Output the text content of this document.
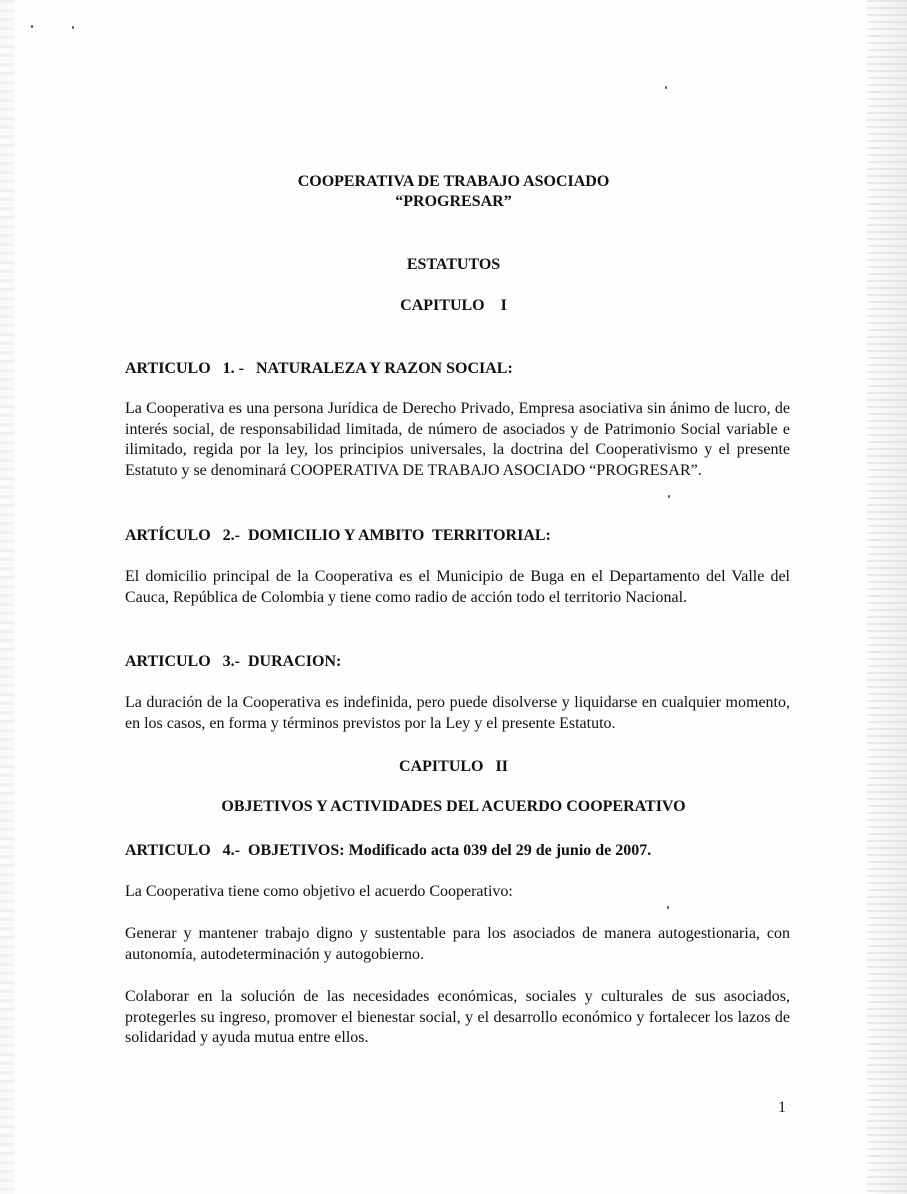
COOPERATIVA DE TRABAJO ASOCIADO
“PROGRESAR”
ESTATUTOS
CAPITULO    I
ARTICULO   1. -   NATURALEZA Y RAZON SOCIAL:
La Cooperativa es una persona Jurídica de Derecho Privado, Empresa asociativa sin ánimo de lucro, de interés social, de responsabilidad limitada, de número de asociados y de Patrimonio Social variable e ilimitado, regida por la ley, los principios universales, la doctrina del Cooperativismo y el presente Estatuto y se denominará COOPERATIVA DE TRABAJO ASOCIADO “PROGRESAR”.
ARTÍCULO   2.-  DOMICILIO Y AMBITO  TERRITORIAL:
El domicilio principal de la Cooperativa es el Municipio de Buga en el Departamento del Valle del Cauca, República de Colombia y tiene como radio de acción todo el territorio Nacional.
ARTICULO   3.-  DURACION:
La duración de la Cooperativa es indefinida, pero puede disolverse y liquidarse en cualquier momento, en los casos, en forma y términos previstos por la Ley y el presente Estatuto.
CAPITULO   II
OBJETIVOS Y ACTIVIDADES DEL ACUERDO COOPERATIVO
ARTICULO   4.-  OBJETIVOS: Modificado acta 039 del 29 de junio de 2007.
La Cooperativa tiene como objetivo el acuerdo Cooperativo:
Generar y mantener trabajo digno y sustentable para los asociados de manera autogestionaria, con autonomía, autodeterminación y autogobierno.
Colaborar en la solución de las necesidades económicas, sociales y culturales de sus asociados, protegerles su ingreso, promover el bienestar social, y el desarrollo económico y fortalecer los lazos de solidaridad y ayuda mutua entre ellos.
1
